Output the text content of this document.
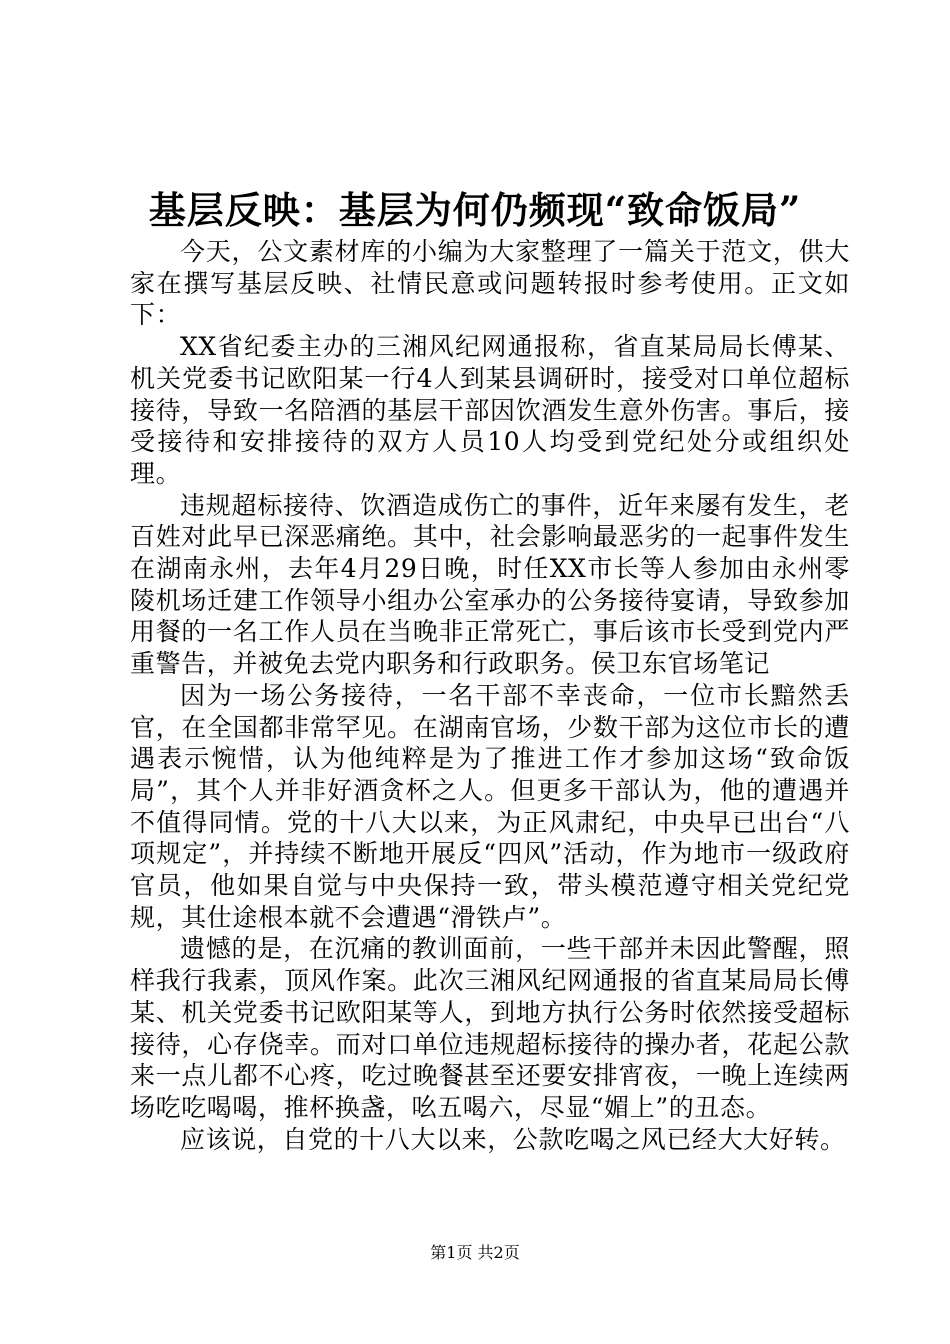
基层反映：基层为何仍频现“致命饭局”

今天，公文素材库的小编为大家整理了一篇关于范文，供大家在撰写基层反映、社情民意或问题转报时参考使用。正文如下：

XX省纪委主办的三湘风纪网通报称，省直某局局长傅某、机关党委书记欧阳某一行4人到某县调研时，接受对口单位超标接待，导致一名陪酒的基层干部因饮酒发生意外伤害。事后，接受接待和安排接待的双方人员10人均受到党纪处分或组织处理。

违规超标接待、饮酒造成伤亡的事件，近年来屡有发生，老百姓对此早已深恶痛绝。其中，社会影响最恶劣的一起事件发生在湖南永州，去年4月29日晚，时任XX市长等人参加由永州零陵机场迁建工作领导小组办公室承办的公务接待宴请，导致参加用餐的一名工作人员在当晚非正常死亡，事后该市长受到党内严重警告，并被免去党内职务和行政职务。侯卫东官场笔记

因为一场公务接待，一名干部不幸丧命，一位市长黯然丢官，在全国都非常罕见。在湖南官场，少数干部为这位市长的遭遇表示惋惜，认为他纯粹是为了推进工作才参加这场“致命饭局”，其个人并非好酒贪杯之人。但更多干部认为，他的遭遇并不值得同情。党的十八大以来，为正风肃纪，中央早已出台“八项规定”，并持续不断地开展反“四风”活动，作为地市一级政府官员，他如果自觉与中央保持一致，带头模范遵守相关党纪党规，其仕途根本就不会遭遇“滑铁卢”。

遗憾的是，在沉痛的教训面前，一些干部并未因此警醒，照样我行我素，顶风作案。此次三湘风纪网通报的省直某局局长傅某、机关党委书记欧阳某等人，到地方执行公务时依然接受超标接待，心存侥幸。而对口单位违规超标接待的操办者，花起公款来一点儿都不心疼，吃过晚餐甚至还要安排宵夜，一晚上连续两场吃吃喝喝，推杯换盏，吆五喝六，尽显“媚上”的丑态。

应该说，自党的十八大以来，公款吃喝之风已经大大好转。

第1页 共2页
